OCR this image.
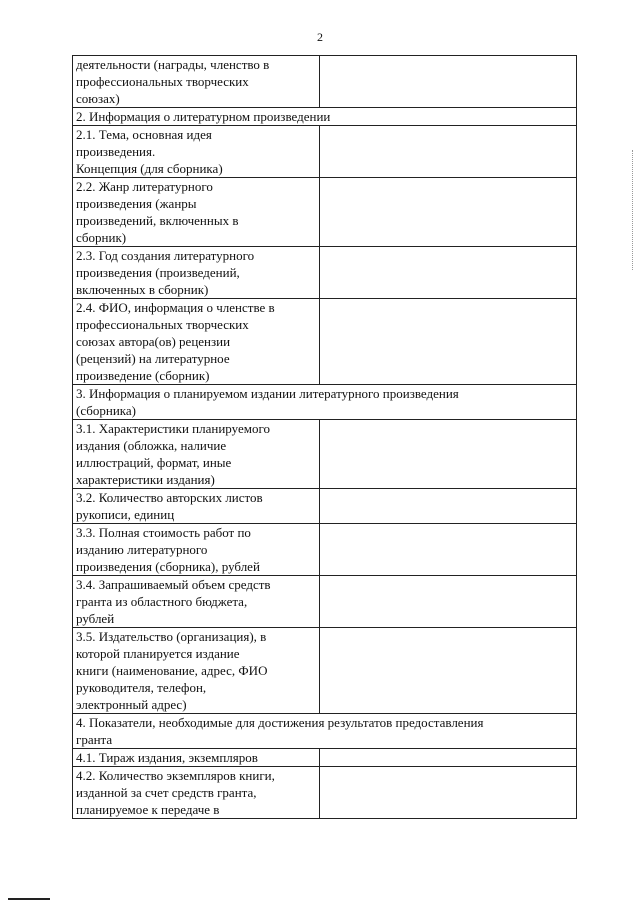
2
деятельности (награды, членство в
профессиональных творческих
союзах)	
2. Информация о литературном произведении	
2.1. Тема, основная идея
произведения.
Концепция (для сборника)	
2.2. Жанр литературного
произведения (жанры
произведений, включенных в
сборник)	
2.3. Год создания литературного
произведения (произведений,
включенных в сборник)	
2.4. ФИО, информация о членстве в
профессиональных творческих
союзах автора(ов) рецензии
(рецензий) на литературное
произведение (сборник)	
3. Информация о планируемом издании литературного произведения
(сборника)	
3.1. Характеристики планируемого
издания (обложка, наличие
иллюстраций, формат, иные
характеристики издания)	
3.2. Количество авторских листов
рукописи, единиц	
3.3. Полная стоимость работ по
изданию литературного
произведения (сборника), рублей	
3.4. Запрашиваемый объем средств
гранта из областного бюджета,
рублей	
3.5. Издательство (организация), в
которой планируется издание
книги (наименование, адрес, ФИО
руководителя, телефон,
электронный адрес)	
4. Показатели, необходимые для достижения результатов предоставления
гранта	
4.1. Тираж издания, экземпляров	
4.2. Количество экземпляров книги,
изданной за счет средств гранта,
планируемое к передаче в	
